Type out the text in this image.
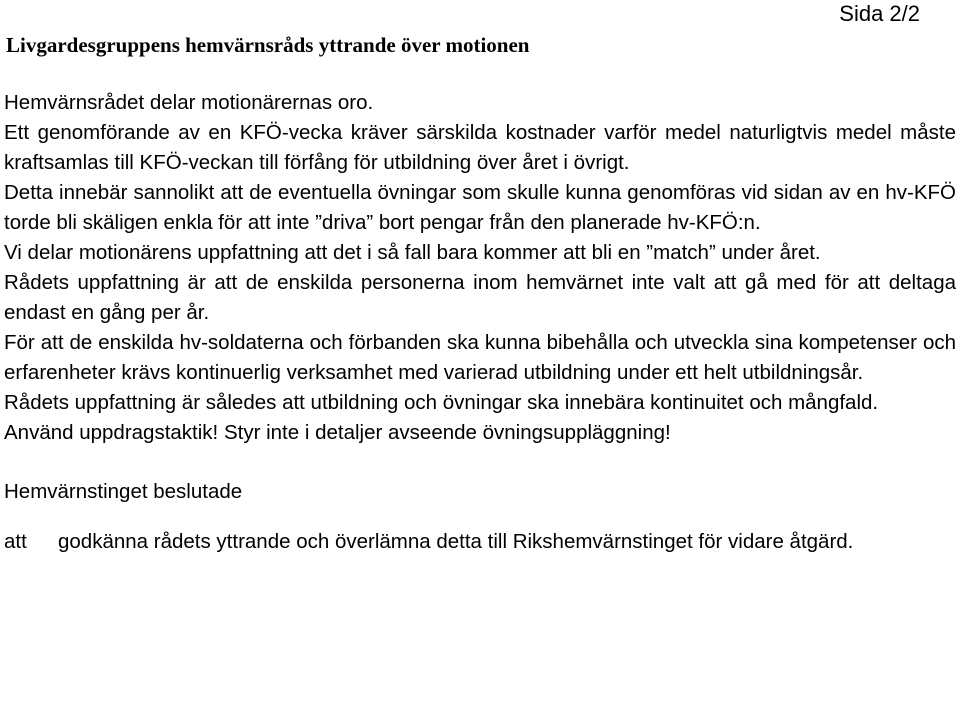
Sida 2/2
Livgardesgruppens hemvärnsråds yttrande över motionen

Hemvärnsrådet delar motionärernas oro.

Ett genomförande av en KFÖ-vecka kräver särskilda kostnader varför medel naturligtvis medel måste kraftsamlas till KFÖ-veckan till förfång för utbildning över året i övrigt.

Detta innebär sannolikt att de eventuella övningar som skulle kunna genomföras vid sidan av en hv-KFÖ torde bli skäligen enkla för att inte ”driva” bort pengar från den planerade hv-KFÖ:n.

Vi delar motionärens uppfattning att det i så fall bara kommer att bli en ”match” under året.

Rådets uppfattning är att de enskilda personerna inom hemvärnet inte valt att gå med för att deltaga endast en gång per år.

För att de enskilda hv-soldaterna och förbanden ska kunna bibehålla och utveckla sina kompetenser och erfarenheter krävs kontinuerlig verksamhet med varierad utbildning under ett helt utbildningsår.

Rådets uppfattning är således att utbildning och övningar ska innebära kontinuitet och mångfald.

Använd uppdragstaktik! Styr inte i detaljer avseende övningsuppläggning!

Hemvärnstinget beslutade

att godkänna rådets yttrande och överlämna detta till Rikshemvärnstinget för vidare åtgärd.
